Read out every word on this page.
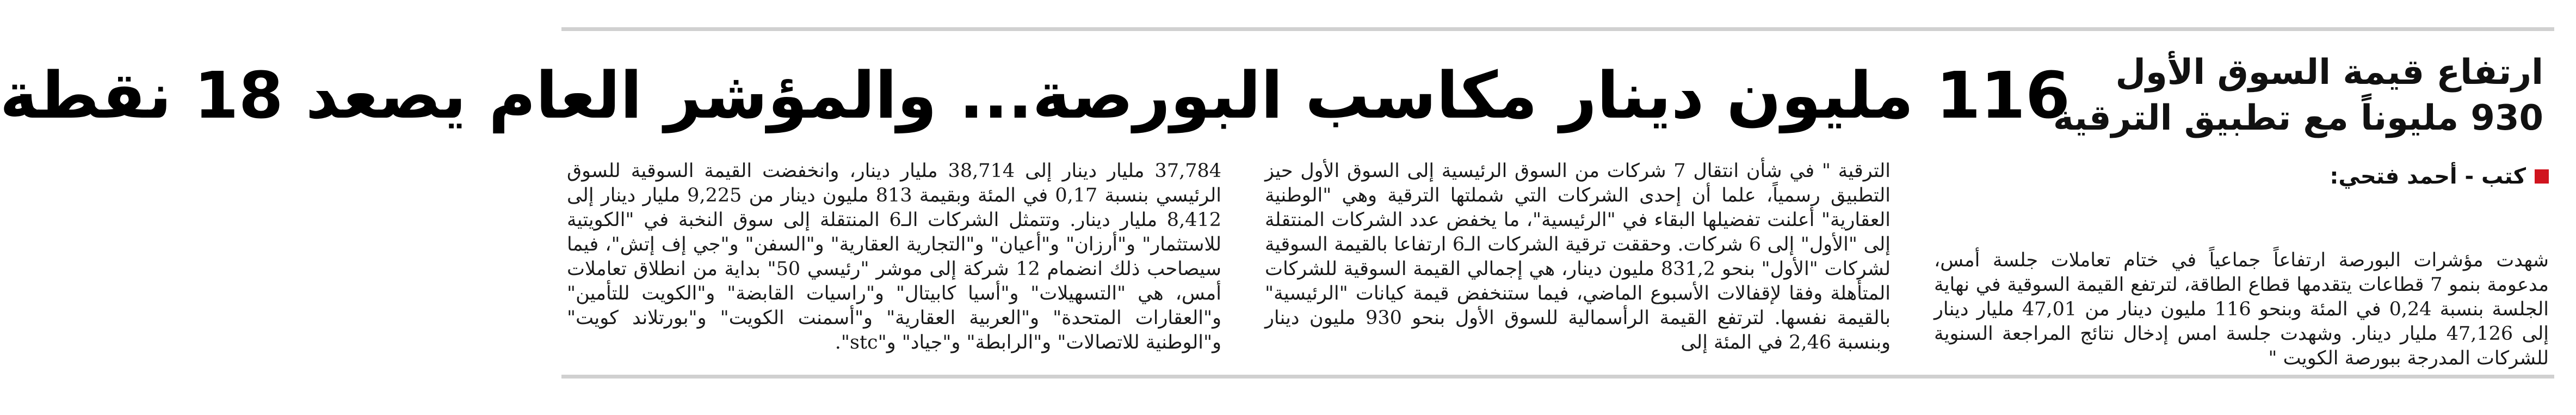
ارتفاع قيمة السوق الأول
930 مليوناً مع تطبيق الترقية
116 مليون دينار مكاسب البورصة... والمؤشر العام يصعد 18 نقطة
كتب - أحمد فتحي:

شهدت مؤشرات البورصة ارتفاعاً جماعياً في ختام تعاملات جلسة أمس، مدعومة بنمو 7 قطاعات يتقدمها قطاع الطاقة، لترتفع القيمة السوقية في نهاية الجلسة بنسبة 0,24 في المئة وبنحو 116 مليون دينار من 47,01 مليار دينار إلى 47,126 مليار دينار. وشهدت جلسة امس إدخال نتائج المراجعة السنوية للشركات المدرجة ببورصة الكويت "

الترقية " في شأن انتقال 7 شركات من السوق الرئيسية إلى السوق الأول حيز التطبيق رسمياً، علما أن إحدى الشركات التي شملتها الترقية وهي "الوطنية العقارية" أعلنت تفضيلها البقاء في "الرئيسية"، ما يخفض عدد الشركات المنتقلة إلى "الأول" إلى 6 شركات. وحققت ترقية الشركات الـ6 ارتفاعا بالقيمة السوقية لشركات "الأول" بنحو 831,2 مليون دينار، هي إجمالي القيمة السوقية للشركات المتأهلة وفقا لإقفالات الأسبوع الماضي، فيما ستنخفض قيمة كيانات "الرئيسية" بالقيمة نفسها. لترتفع القيمة الرأسمالية للسوق الأول بنحو 930 مليون دينار وبنسبة 2,46 في المئة إلى

37,784 مليار دينار إلى 38,714 مليار دينار، وانخفضت القيمة السوقية للسوق الرئيسي بنسبة 0,17 في المئة وبقيمة 813 مليون دينار من 9,225 مليار دينار إلى 8,412 مليار دينار. وتتمثل الشركات الـ6 المنتقلة إلى سوق النخبة في "الكويتية للاستثمار" و"أرزان" و"أعيان" و"التجارية العقارية" و"السفن" و"جي إف إتش"، فيما سيصاحب ذلك انضمام 12 شركة إلى موشر "رئيسي 50" بداية من انطلاق تعاملات أمس، هي "التسهيلات" و"أسيا كابيتال" و"راسيات القابضة" و"الكويت للتأمين" و"العقارات المتحدة" و"العربية العقارية" و"أسمنت الكويت" و"بورتلاند كويت" و"الوطنية للاتصالات" و"الرابطة" و"جياد" و"stc".
